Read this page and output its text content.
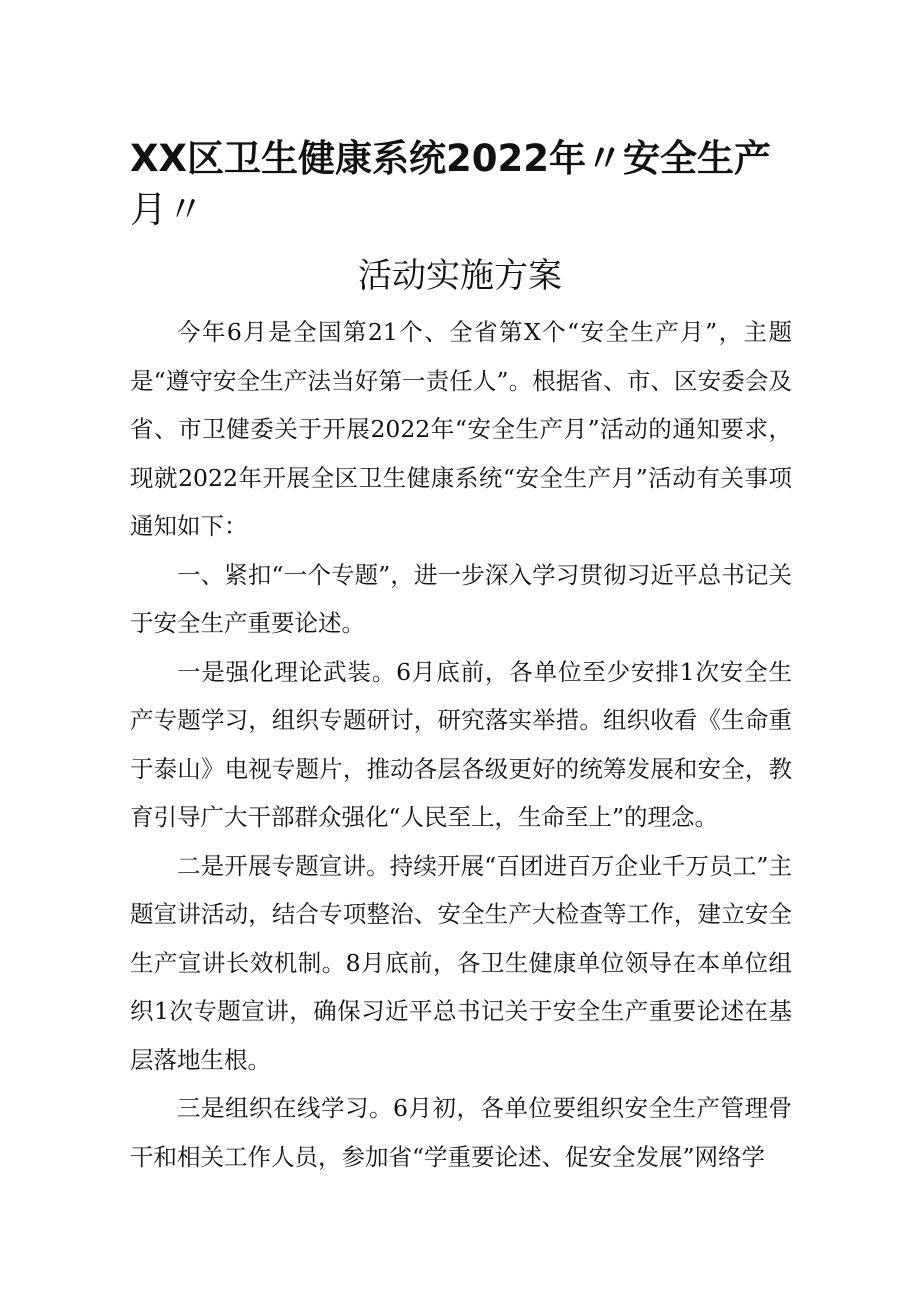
XX区卫生健康系统2022年〃安全生产
月〃
活动实施方案

今年6月是全国第21个、全省第X个“安全生产月”，主题是“遵守安全生产法当好第一责任人”。根据省、市、区安委会及省、市卫健委关于开展2022年“安全生产月”活动的通知要求，现就2022年开展全区卫生健康系统“安全生产月”活动有关事项通知如下：

一、紧扣“一个专题”，进一步深入学习贯彻习近平总书记关于安全生产重要论述。

一是强化理论武装。6月底前，各单位至少安排1次安全生产专题学习，组织专题研讨，研究落实举措。组织收看《生命重于泰山》电视专题片，推动各层各级更好的统筹发展和安全，教育引导广大干部群众强化“人民至上，生命至上”的理念。

二是开展专题宣讲。持续开展“百团进百万企业千万员工”主题宣讲活动，结合专项整治、安全生产大检查等工作，建立安全生产宣讲长效机制。8月底前，各卫生健康单位领导在本单位组织1次专题宣讲，确保习近平总书记关于安全生产重要论述在基层落地生根。

三是组织在线学习。6月初，各单位要组织安全生产管理骨干和相关工作人员，参加省“学重要论述、促安全发展”网络学
